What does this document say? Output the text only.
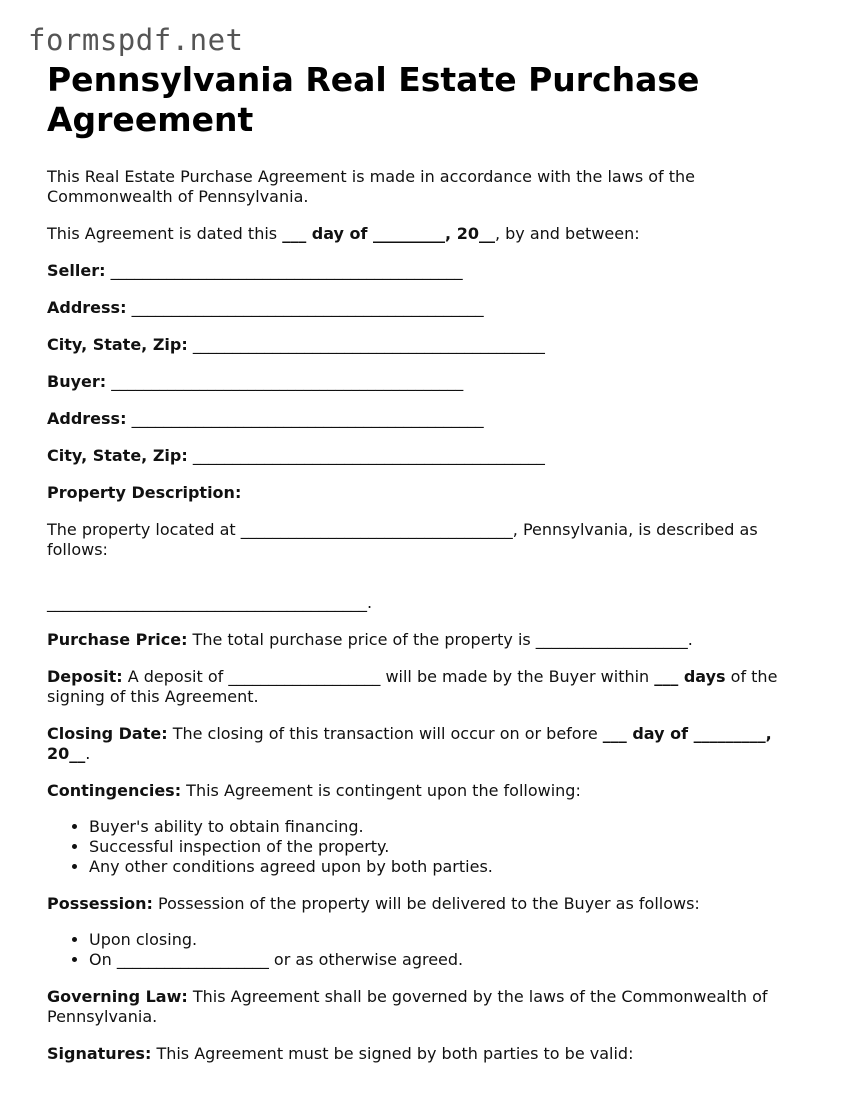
formspdf.net
Pennsylvania Real Estate Purchase Agreement

This Real Estate Purchase Agreement is made in accordance with the laws of the Commonwealth of Pennsylvania.

This Agreement is dated this ___ day of _________, 20__, by and between:

Seller: ____________________________________________

Address: ____________________________________________

City, State, Zip: ____________________________________________

Buyer: ____________________________________________

Address: ____________________________________________

City, State, Zip: ____________________________________________

Property Description:

The property located at __________________________________, Pennsylvania, is described as follows:

________________________________________.

Purchase Price: The total purchase price of the property is ___________________.

Deposit: A deposit of ___________________ will be made by the Buyer within ___ days of the signing of this Agreement.

Closing Date: The closing of this transaction will occur on or before ___ day of _________, 20__.

Contingencies: This Agreement is contingent upon the following:

• Buyer's ability to obtain financing.
• Successful inspection of the property.
• Any other conditions agreed upon by both parties.

Possession: Possession of the property will be delivered to the Buyer as follows:

• Upon closing.
• On ___________________ or as otherwise agreed.

Governing Law: This Agreement shall be governed by the laws of the Commonwealth of Pennsylvania.

Signatures: This Agreement must be signed by both parties to be valid:
